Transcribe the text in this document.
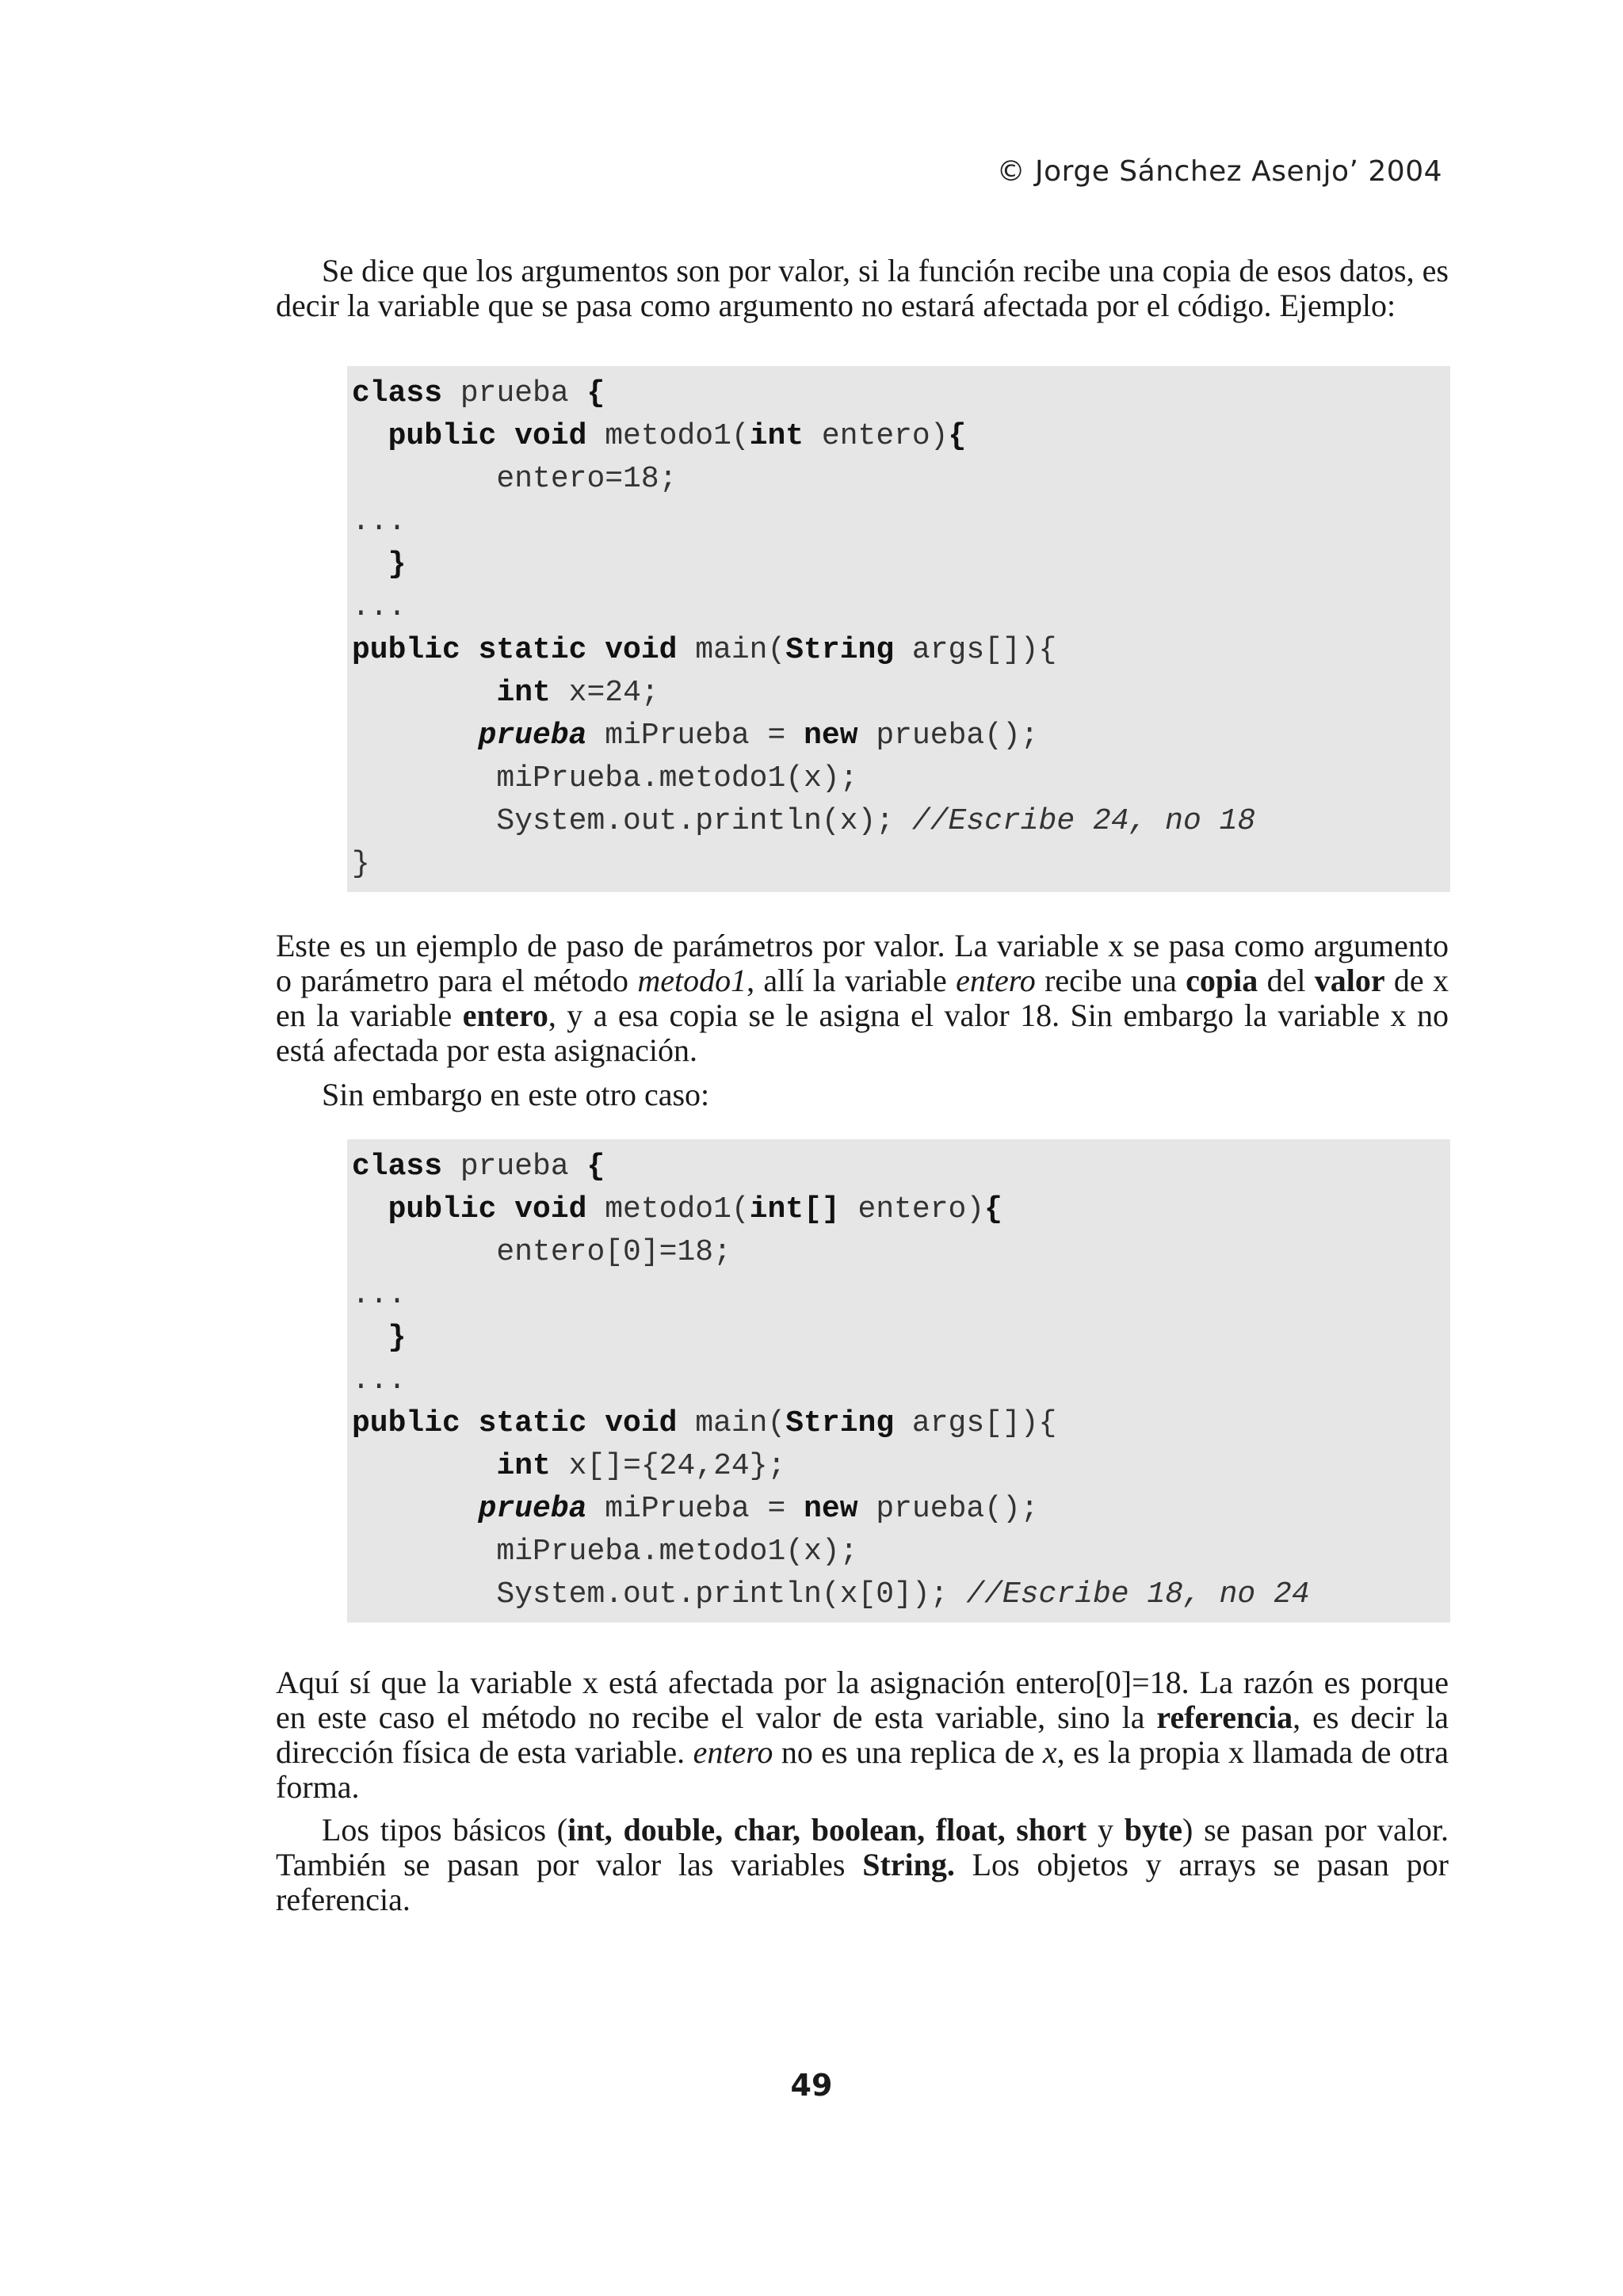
© Jorge Sánchez Asenjo’ 2004

Se dice que los argumentos son por valor, si la función recibe una copia de esos datos, es decir la variable que se pasa como argumento no estará afectada por el código. Ejemplo:

class prueba {
public void metodo1(int entero){
entero=18;
...
}
...
public static void main(String args[]){
int x=24;
prueba miPrueba = new prueba();
miPrueba.metodo1(x);
System.out.println(x); //Escribe 24, no 18
}

Este es un ejemplo de paso de parámetros por valor. La variable x se pasa como argumento o parámetro para el método metodo1, allí la variable entero recibe una copia del valor de x en la variable entero, y a esa copia se le asigna el valor 18. Sin embargo la variable x no está afectada por esta asignación.

Sin embargo en este otro caso:

class prueba {
public void metodo1(int[] entero){
entero[0]=18;
...
}
...
public static void main(String args[]){
int x[]={24,24};
prueba miPrueba = new prueba();
miPrueba.metodo1(x);
System.out.println(x[0]); //Escribe 18, no 24

Aquí sí que la variable x está afectada por la asignación entero[0]=18. La razón es porque en este caso el método no recibe el valor de esta variable, sino la referencia, es decir la dirección física de esta variable. entero no es una replica de x, es la propia x llamada de otra forma.

Los tipos básicos (int, double, char, boolean, float, short y byte) se pasan por valor. También se pasan por valor las variables String. Los objetos y arrays se pasan por referencia.

49
